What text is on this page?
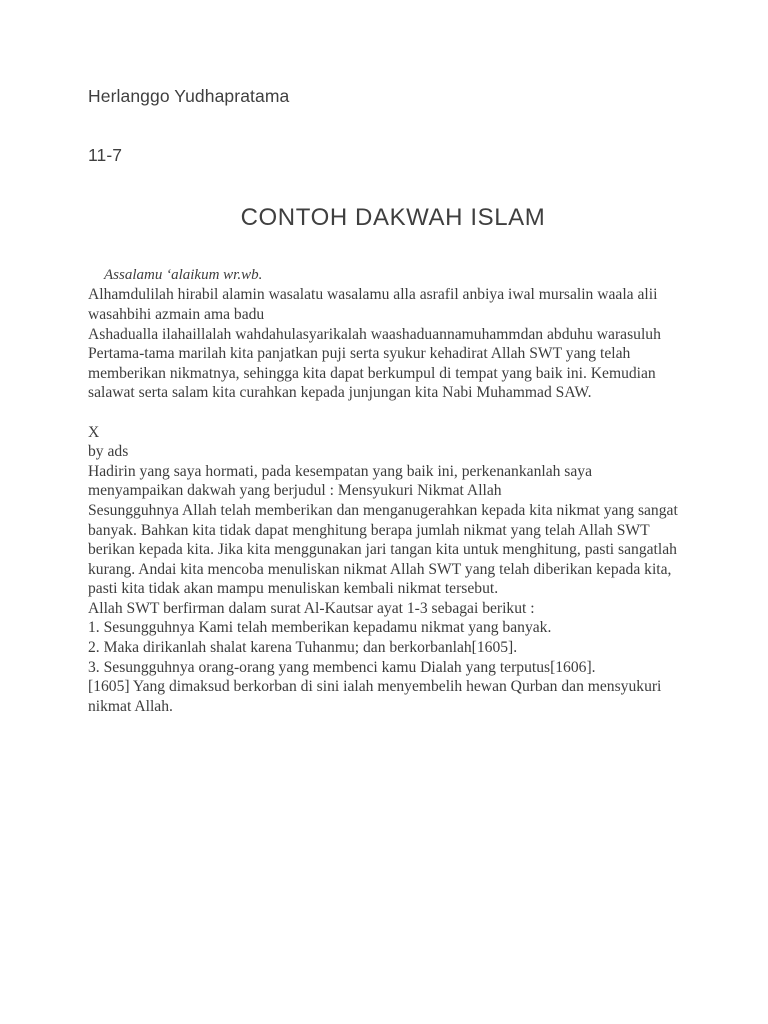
Herlanggo Yudhapratama
11-7
CONTOH DAKWAH ISLAM

Assalamu ‘alaikum wr.wb.

Alhamdulilah hirabil alamin wasalatu wasalamu alla asrafil anbiya iwal mursalin waala alii wasahbihi azmain ama badu

Ashadualla ilahaillalah wahdahulasyarikalah waashaduannamuhammdan abduhu warasuluh

Pertama-tama marilah kita panjatkan puji serta syukur kehadirat Allah SWT yang telah memberikan nikmatnya, sehingga kita dapat berkumpul di tempat yang baik ini. Kemudian salawat serta salam kita curahkan kepada junjungan kita Nabi Muhammad SAW.

X
by ads

Hadirin yang saya hormati, pada kesempatan yang baik ini, perkenankanlah saya menyampaikan dakwah yang berjudul : Mensyukuri Nikmat Allah

Sesungguhnya Allah telah memberikan dan menganugerahkan kepada kita nikmat yang sangat banyak. Bahkan kita tidak dapat menghitung berapa jumlah nikmat yang telah Allah SWT berikan kepada kita. Jika kita menggunakan jari tangan kita untuk menghitung, pasti sangatlah kurang. Andai kita mencoba menuliskan nikmat Allah SWT yang telah diberikan kepada kita, pasti kita tidak akan mampu menuliskan kembali nikmat tersebut.

Allah SWT berfirman dalam surat Al-Kautsar ayat 1-3 sebagai berikut :

1. Sesungguhnya Kami telah memberikan kepadamu nikmat yang banyak.

2. Maka dirikanlah shalat karena Tuhanmu; dan berkorbanlah[1605].

3. Sesungguhnya orang-orang yang membenci kamu Dialah yang terputus[1606].

[1605] Yang dimaksud berkorban di sini ialah menyembelih hewan Qurban dan mensyukuri nikmat Allah.
